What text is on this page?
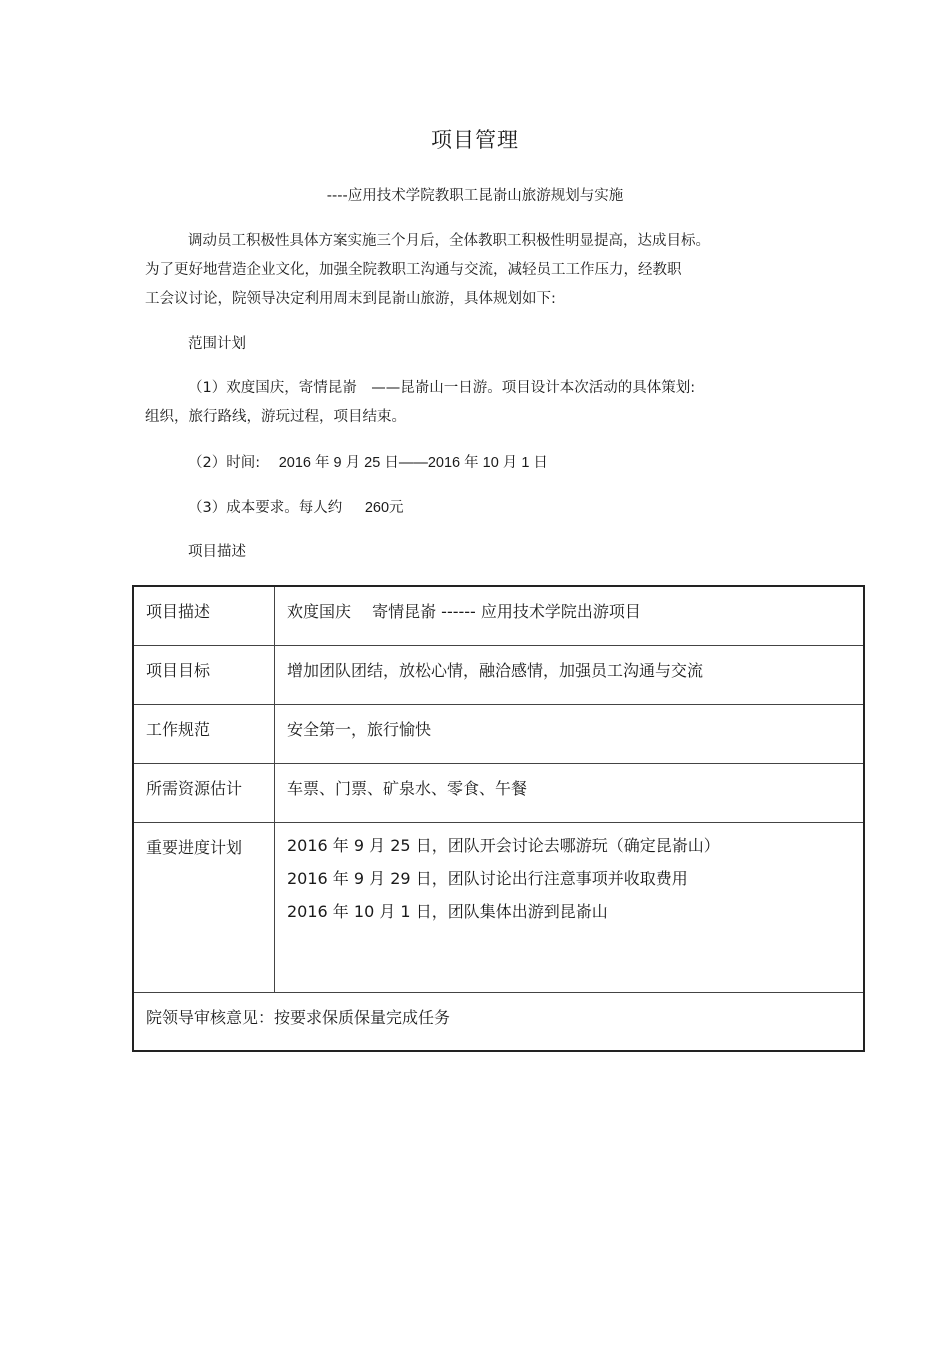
项目管理
----应用技术学院教职工昆嵛山旅游规划与实施
调动员工积极性具体方案实施三个月后，全体教职工积极性明显提高，达成目标。
为了更好地营造企业文化，加强全院教职工沟通与交流，减轻员工工作压力，经教职
工会议讨论，院领导决定利用周末到昆嵛山旅游，具体规划如下:
范围计划
（1）欢度国庆，寄情昆嵛　——昆嵛山一日游。项目设计本次活动的具体策划:
组织，旅行路线，游玩过程，项目结束。
（2）时间: 2016 年 9 月 25 日——2016 年 10 月 1 日
（3）成本要求。每人约 260元
项目描述
项目描述	欢度国庆　 寄情昆嵛 ------ 应用技术学院出游项目
项目目标	增加团队团结，放松心情，融洽感情，加强员工沟通与交流
工作规范	安全第一，旅行愉快
所需资源估计	车票、门票、矿泉水、零食、午餐
重要进度计划	2016 年 9 月 25 日，团队开会讨论去哪游玩（确定昆嵛山）
2016 年 9 月 29 日，团队讨论出行注意事项并收取费用
2016 年 10 月 1 日，团队集体出游到昆嵛山

院领导审核意见：按要求保质保量完成任务	
